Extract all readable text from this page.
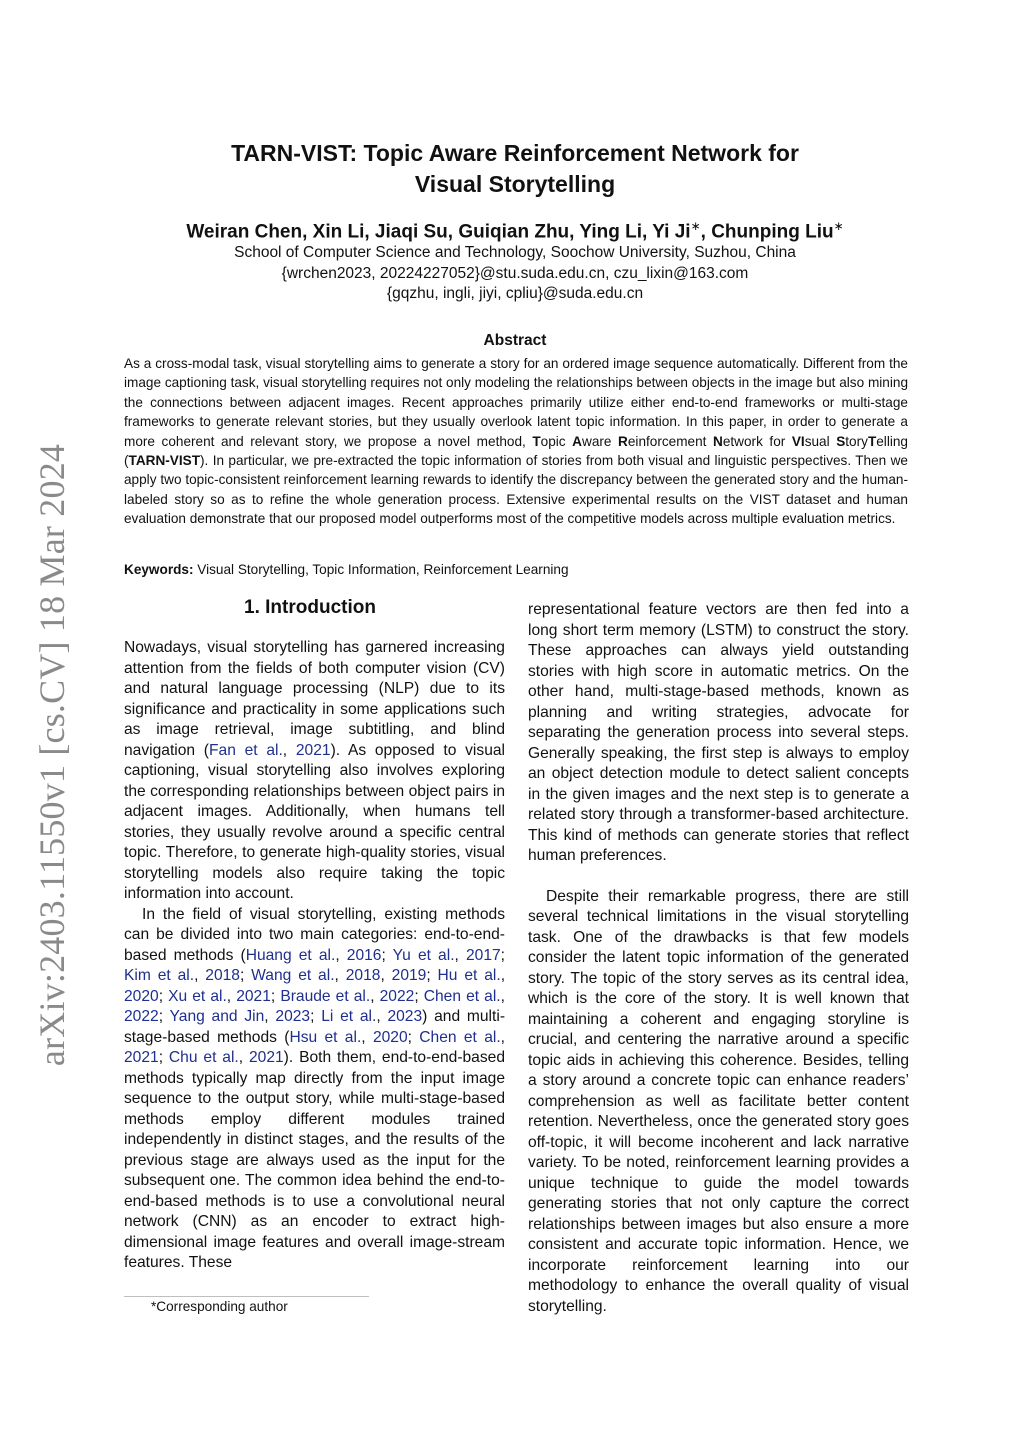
arXiv:2403.11550v1 [cs.CV] 18 Mar 2024
TARN-VIST: Topic Aware Reinforcement Network for
Visual Storytelling
Weiran Chen, Xin Li, Jiaqi Su, Guiqian Zhu, Ying Li, Yi Ji∗, Chunping Liu∗
School of Computer Science and Technology, Soochow University, Suzhou, China
{wrchen2023, 20224227052}@stu.suda.edu.cn, czu_lixin@163.com
{gqzhu, ingli, jiyi, cpliu}@suda.edu.cn
Abstract
As a cross-modal task, visual storytelling aims to generate a story for an ordered image sequence automatically. Different from the image captioning task, visual storytelling requires not only modeling the relationships between objects in the image but also mining the connections between adjacent images. Recent approaches primarily utilize either end-to-end frameworks or multi-stage frameworks to generate relevant stories, but they usually overlook latent topic information. In this paper, in order to generate a more coherent and relevant story, we propose a novel method, Topic Aware Reinforcement Network for VIsual StoryTelling (TARN-VIST). In particular, we pre-extracted the topic information of stories from both visual and linguistic perspectives. Then we apply two topic-consistent reinforcement learning rewards to identify the discrepancy between the generated story and the human-labeled story so as to refine the whole generation process. Extensive experimental results on the VIST dataset and human evaluation demonstrate that our proposed model outperforms most of the competitive models across multiple evaluation metrics.
Keywords: Visual Storytelling, Topic Information, Reinforcement Learning
1. Introduction

Nowadays, visual storytelling has garnered increasing attention from the fields of both computer vision (CV) and natural language processing (NLP) due to its significance and practicality in some applications such as image retrieval, image subtitling, and blind navigation (Fan et al., 2021). As opposed to visual captioning, visual storytelling also involves exploring the corresponding relationships between object pairs in adjacent images. Additionally, when humans tell stories, they usually revolve around a specific central topic. Therefore, to generate high-quality stories, visual storytelling models also require taking the topic information into account.

In the field of visual storytelling, existing methods can be divided into two main categories: end-to-end-based methods (Huang et al., 2016; Yu et al., 2017; Kim et al., 2018; Wang et al., 2018, 2019; Hu et al., 2020; Xu et al., 2021; Braude et al., 2022; Chen et al., 2022; Yang and Jin, 2023; Li et al., 2023) and multi-stage-based methods (Hsu et al., 2020; Chen et al., 2021; Chu et al., 2021). Both them, end-to-end-based methods typically map directly from the input image sequence to the output story, while multi-stage-based methods employ different modules trained independently in distinct stages, and the results of the previous stage are always used as the input for the subsequent one. The common idea behind the end-to-end-based methods is to use a convolutional neural network (CNN) as an encoder to extract high-dimensional image features and overall image-stream features. These

representational feature vectors are then fed into a long short term memory (LSTM) to construct the story. These approaches can always yield outstanding stories with high score in automatic metrics. On the other hand, multi-stage-based methods, known as planning and writing strategies, advocate for separating the generation process into several steps. Generally speaking, the first step is always to employ an object detection module to detect salient concepts in the given images and the next step is to generate a related story through a transformer-based architecture. This kind of methods can generate stories that reflect human preferences.

Despite their remarkable progress, there are still several technical limitations in the visual storytelling task. One of the drawbacks is that few models consider the latent topic information of the generated story. The topic of the story serves as its central idea, which is the core of the story. It is well known that maintaining a coherent and engaging storyline is crucial, and centering the narrative around a specific topic aids in achieving this coherence. Besides, telling a story around a concrete topic can enhance readers’ comprehension as well as facilitate better content retention. Nevertheless, once the generated story goes off-topic, it will become incoherent and lack narrative variety. To be noted, reinforcement learning provides a unique technique to guide the model towards generating stories that not only capture the correct relationships between images but also ensure a more consistent and accurate topic information. Hence, we incorporate reinforcement learning into our methodology to enhance the overall quality of visual storytelling.

*Corresponding author
